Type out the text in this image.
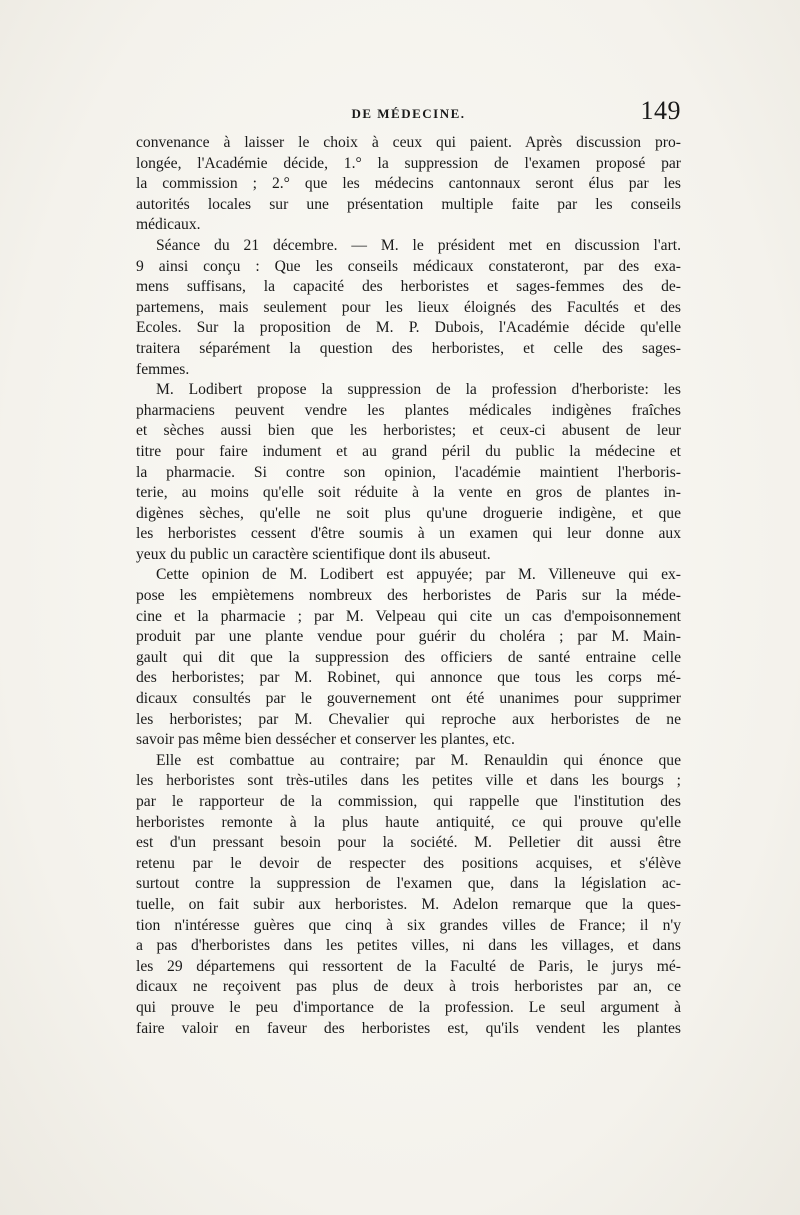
DE MÉDECINE.	149
convenance à laisser le choix à ceux qui paient. Après discussion pro-
longée, l'Académie décide, 1.° la suppression de l'examen proposé par
la commission ; 2.° que les médecins cantonnaux seront élus par les
autorités locales sur une présentation multiple faite par les conseils
médicaux.
Séance du 21 décembre. — M. le président met en discussion l'art.
9 ainsi conçu : Que les conseils médicaux constateront, par des exa-
mens suffisans, la capacité des herboristes et sages-femmes des de-
partemens, mais seulement pour les lieux éloignés des Facultés et des
Ecoles. Sur la proposition de M. P. Dubois, l'Académie décide qu'elle
traitera séparément la question des herboristes, et celle des sages-
femmes.
M. Lodibert propose la suppression de la profession d'herboriste: les
pharmaciens peuvent vendre les plantes médicales indigènes fraîches
et sèches aussi bien que les herboristes; et ceux-ci abusent de leur
titre pour faire indument et au grand péril du public la médecine et
la pharmacie. Si contre son opinion, l'académie maintient l'herboris-
terie, au moins qu'elle soit réduite à la vente en gros de plantes in-
digènes sèches, qu'elle ne soit plus qu'une droguerie indigène, et que
les herboristes cessent d'être soumis à un examen qui leur donne aux
yeux du public un caractère scientifique dont ils abuseut.
Cette opinion de M. Lodibert est appuyée; par M. Villeneuve qui ex-
pose les empiètemens nombreux des herboristes de Paris sur la méde-
cine et la pharmacie ; par M. Velpeau qui cite un cas d'empoisonnement
produit par une plante vendue pour guérir du choléra ; par M. Main-
gault qui dit que la suppression des officiers de santé entraine celle
des herboristes; par M. Robinet, qui annonce que tous les corps mé-
dicaux consultés par le gouvernement ont été unanimes pour supprimer
les herboristes; par M. Chevalier qui reproche aux herboristes de ne
savoir pas même bien dessécher et conserver les plantes, etc.
Elle est combattue au contraire; par M. Renauldin qui énonce que
les herboristes sont très-utiles dans les petites ville et dans les bourgs ;
par le rapporteur de la commission, qui rappelle que l'institution des
herboristes remonte à la plus haute antiquité, ce qui prouve qu'elle
est d'un pressant besoin pour la société. M. Pelletier dit aussi être
retenu par le devoir de respecter des positions acquises, et s'élève
surtout contre la suppression de l'examen que, dans la législation ac-
tuelle, on fait subir aux herboristes. M. Adelon remarque que la ques-
tion n'intéresse guères que cinq à six grandes villes de France; il n'y
a pas d'herboristes dans les petites villes, ni dans les villages, et dans
les 29 départemens qui ressortent de la Faculté de Paris, le jurys mé-
dicaux ne reçoivent pas plus de deux à trois herboristes par an, ce
qui prouve le peu d'importance de la profession. Le seul argument à
faire valoir en faveur des herboristes est, qu'ils vendent les plantes
